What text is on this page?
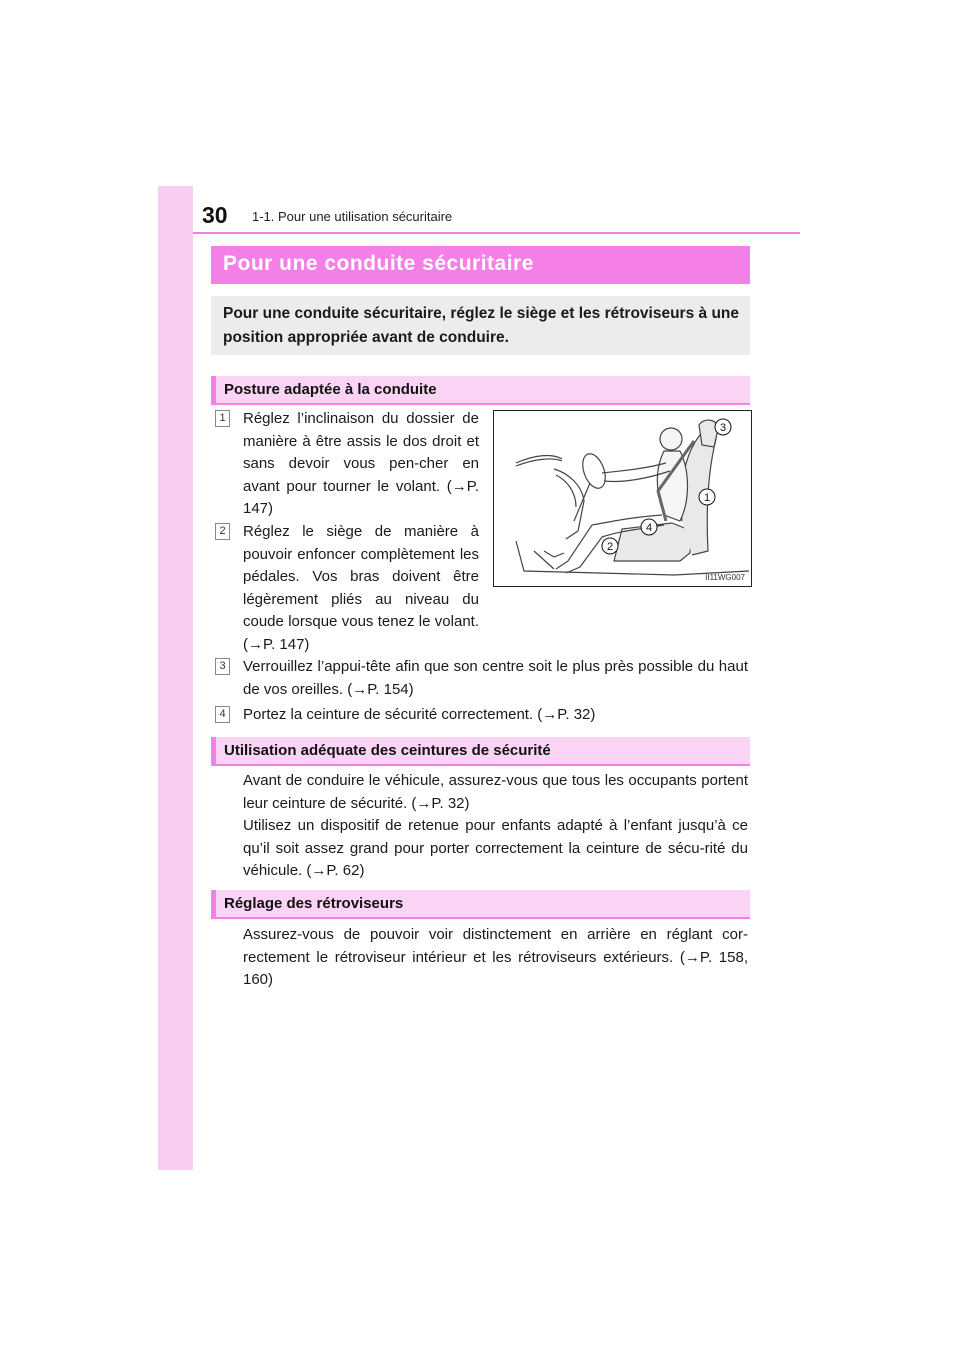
30 1-1. Pour une utilisation sécuritaire
Pour une conduite sécuritaire
Pour une conduite sécuritaire, réglez le siège et les rétroviseurs à une position appropriée avant de conduire.
Posture adaptée à la conduite
1 Réglez l’inclinaison du dossier de manière à être assis le dos droit et sans devoir vous pen-cher en avant pour tourner le volant. (→P. 147)
2 Réglez le siège de manière à pouvoir enfoncer complètement les pédales. Vos bras doivent être légèrement pliés au niveau du coude lorsque vous tenez le volant. (→P. 147)
3 Verrouillez l’appui-tête afin que son centre soit le plus près possible du haut de vos oreilles. (→P. 154)
4 Portez la ceinture de sécurité correctement. (→P. 32)
3
1
4
2
II11WG007
Utilisation adéquate des ceintures de sécurité
Avant de conduire le véhicule, assurez-vous que tous les occupants portent leur ceinture de sécurité. (→P. 32)
Utilisez un dispositif de retenue pour enfants adapté à l’enfant jusqu’à ce qu’il soit assez grand pour porter correctement la ceinture de sécu-rité du véhicule. (→P. 62)
Réglage des rétroviseurs
Assurez-vous de pouvoir voir distinctement en arrière en réglant cor-rectement le rétroviseur intérieur et les rétroviseurs extérieurs. (→P. 158, 160)
